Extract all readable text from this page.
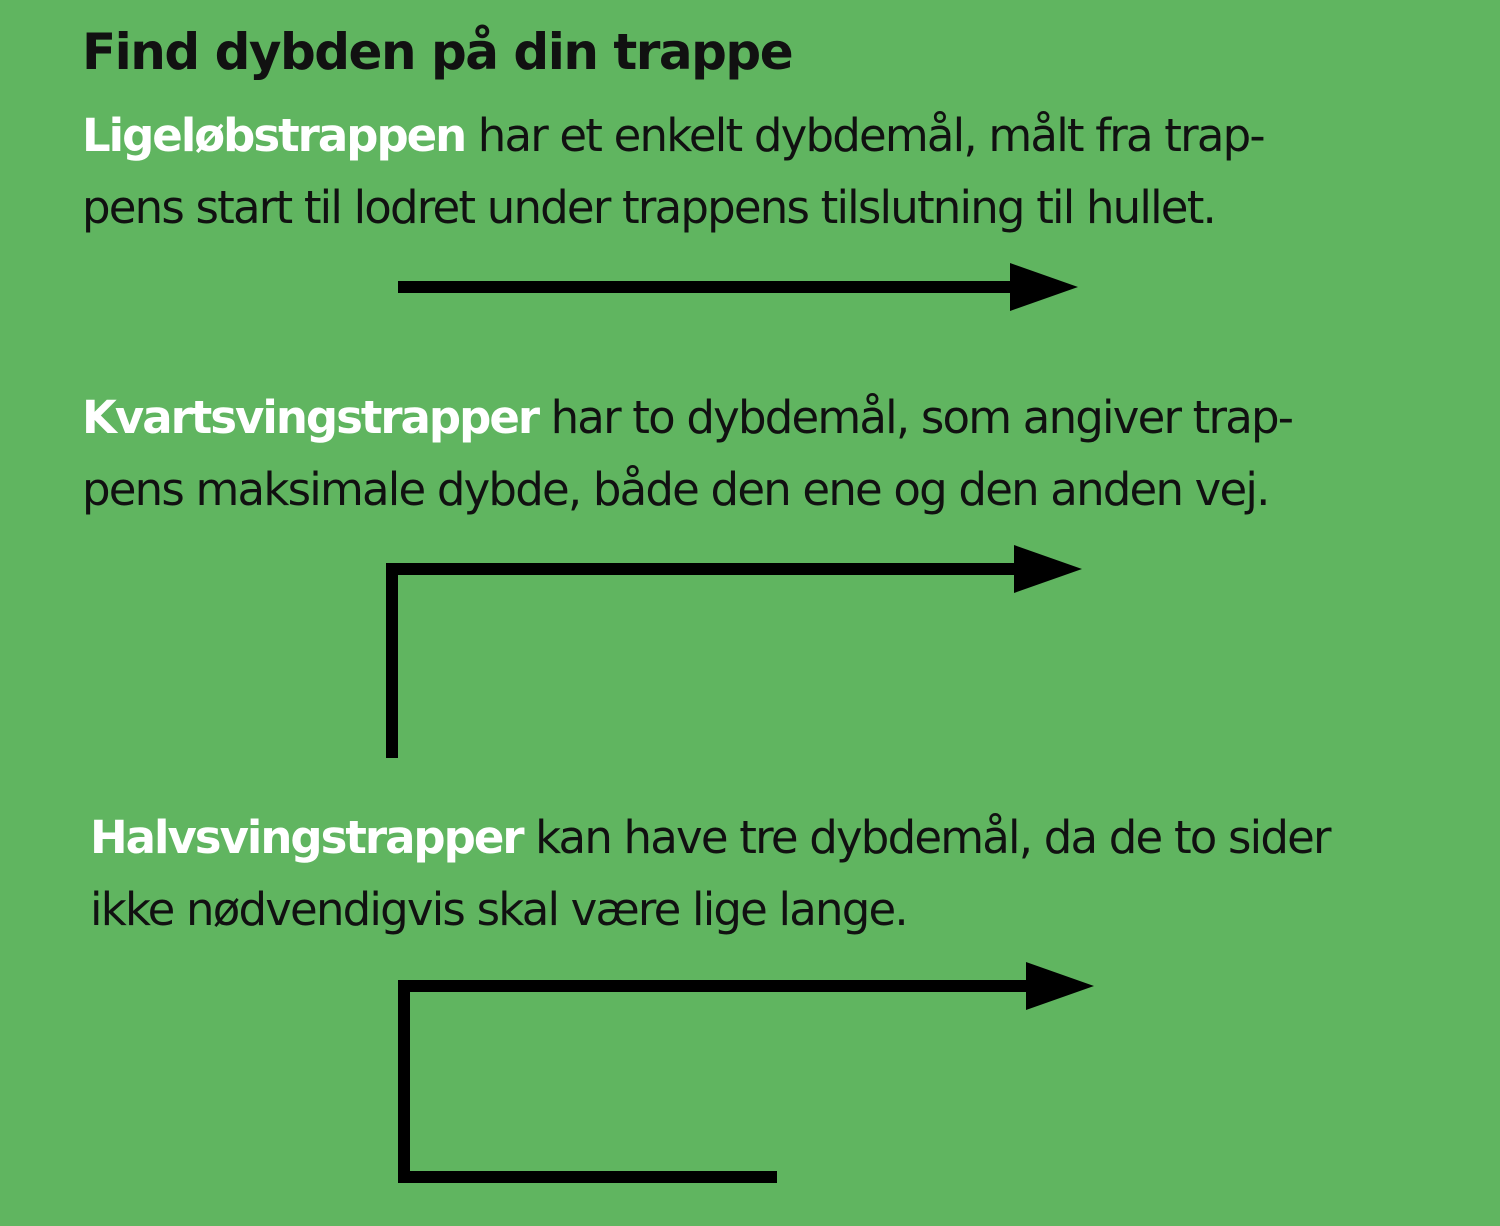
Find dybden på din trappe

Ligeløbstrappen har et enkelt dybdemål, målt fra trap-
pens start til lodret under trappens tilslutning til hullet.

Kvartsvingstrapper har to dybdemål, som angiver trap-
pens maksimale dybde, både den ene og den anden vej.

Halvsvingstrapper kan have tre dybdemål, da de to sider
ikke nødvendigvis skal være lige lange.
